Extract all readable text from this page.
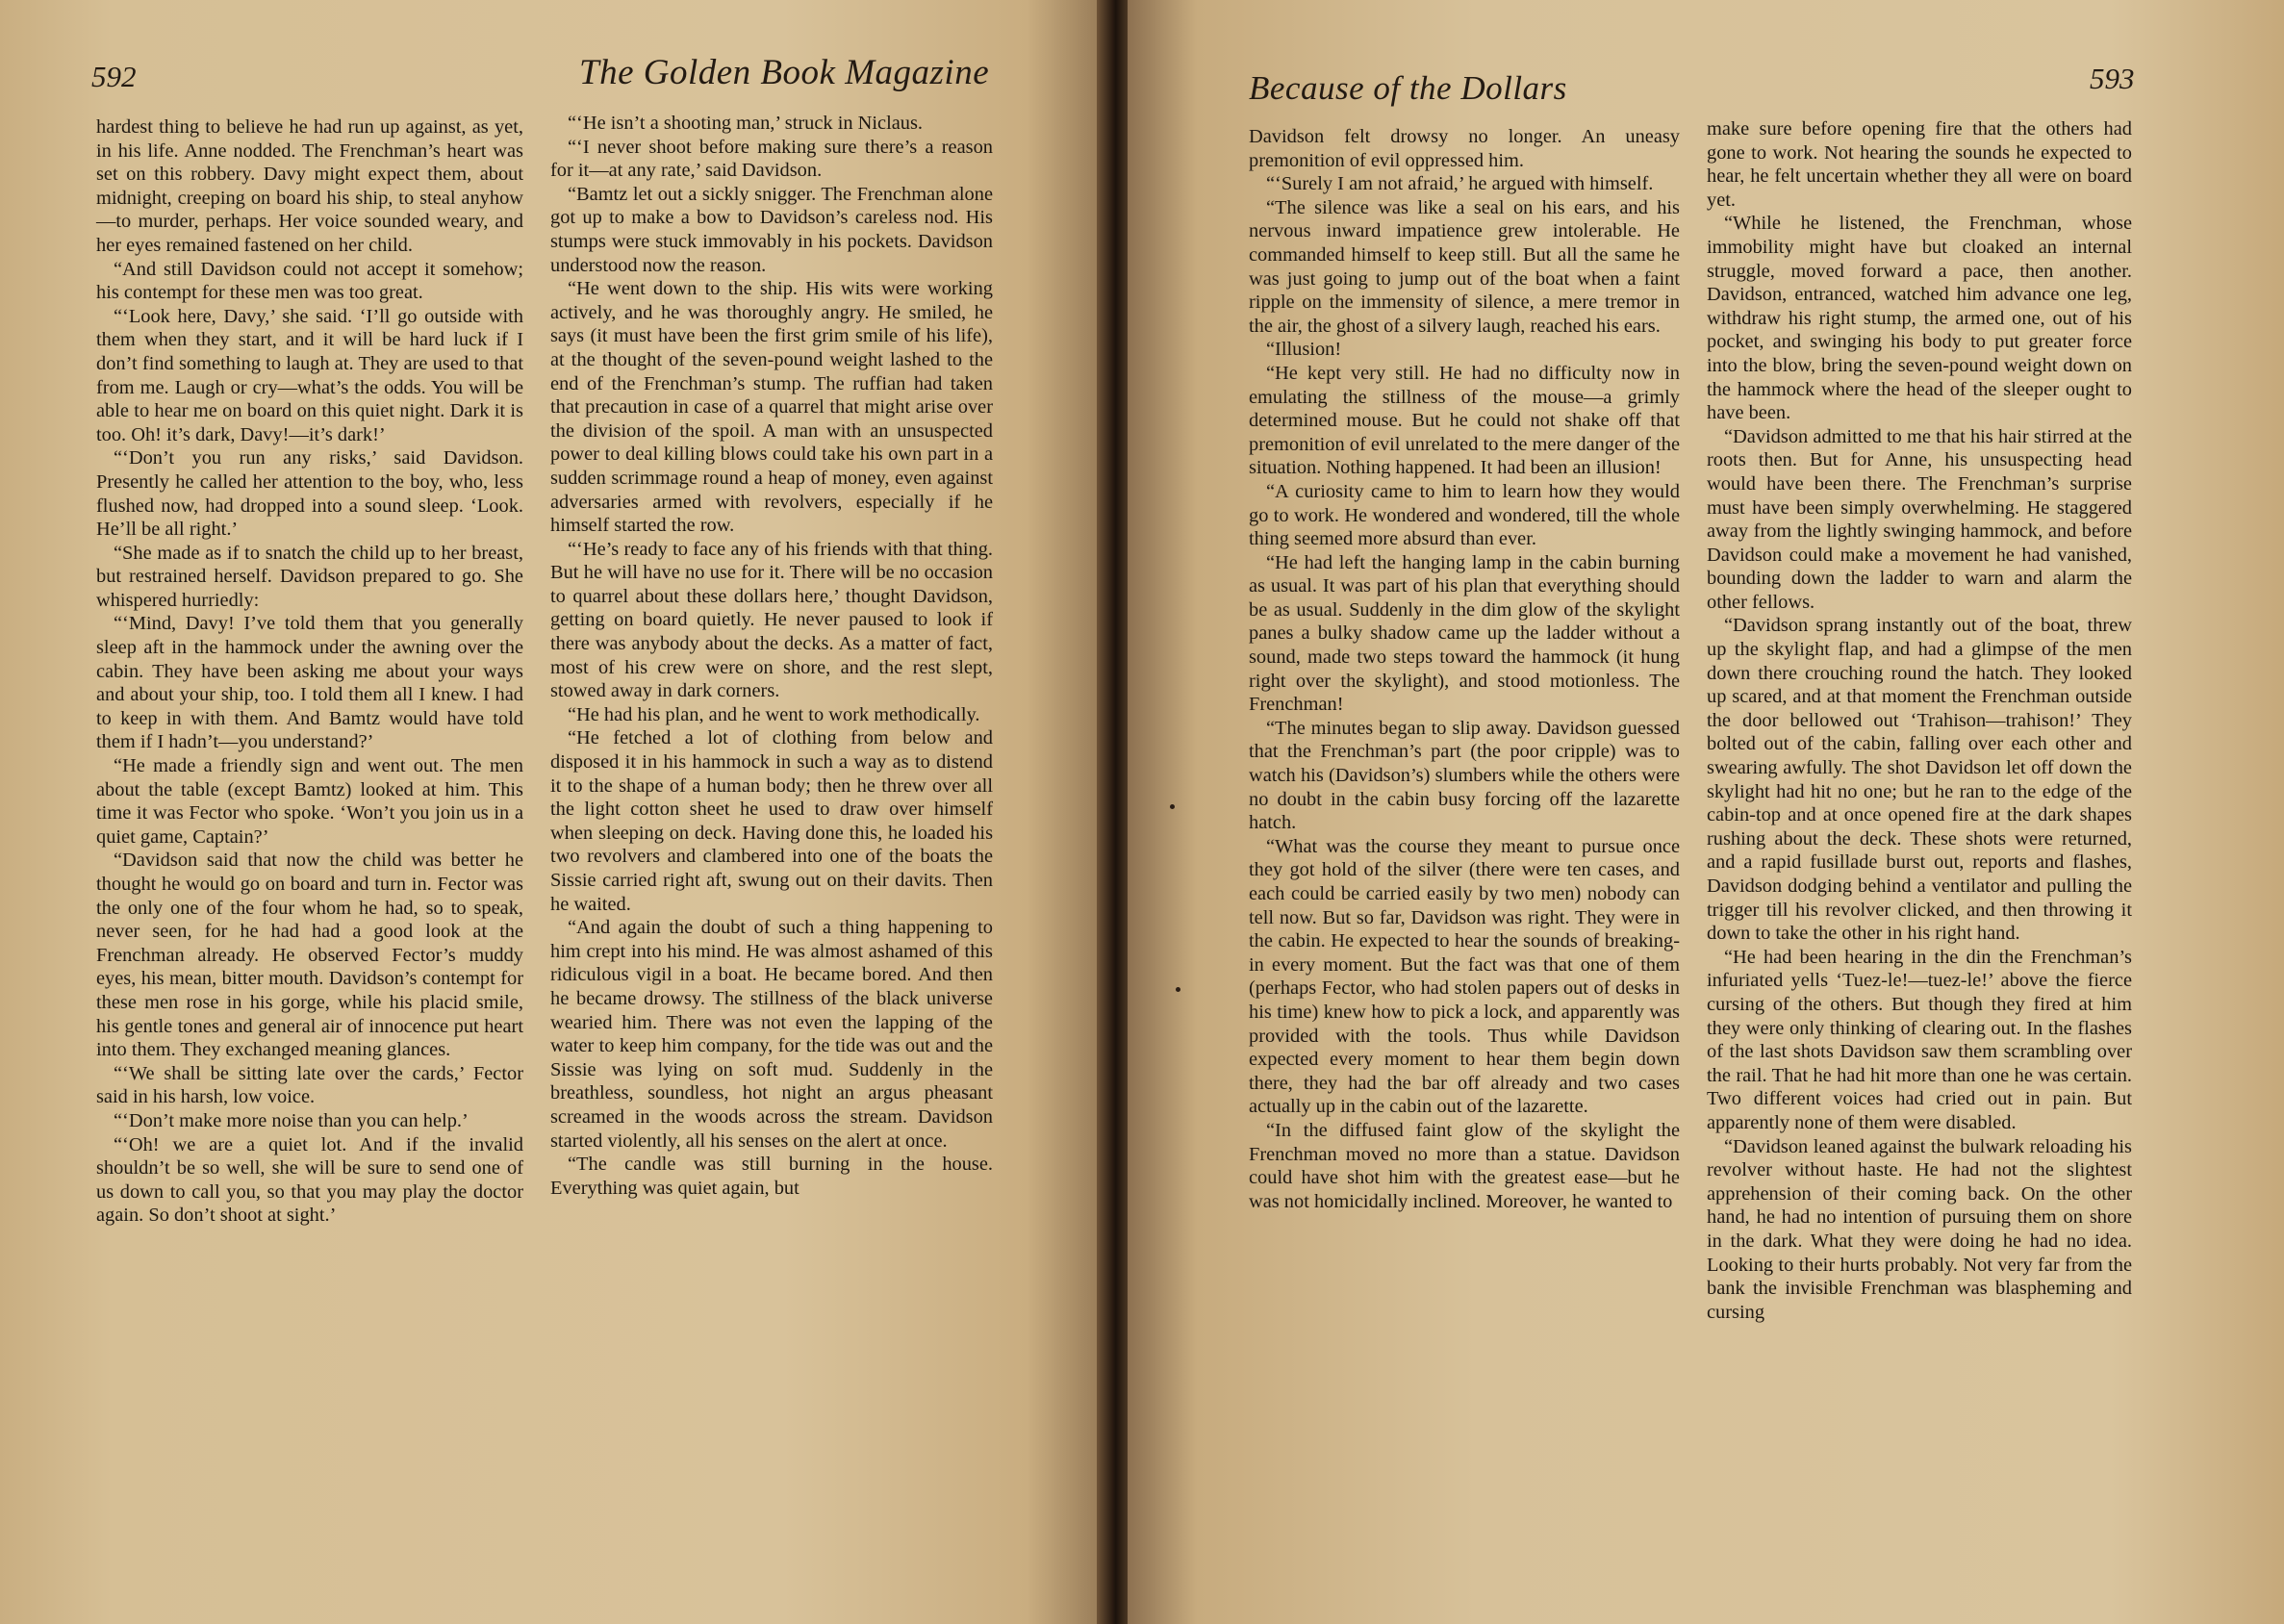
592	The Golden Book Magazine

hardest thing to believe he had run up against, as yet, in his life. Anne nodded. The Frenchman’s heart was set on this robbery. Davy might expect them, about midnight, creeping on board his ship, to steal anyhow—to murder, perhaps. Her voice sounded weary, and her eyes remained fastened on her child.

“And still Davidson could not accept it somehow; his contempt for these men was too great.

“‘Look here, Davy,’ she said. ‘I’ll go outside with them when they start, and it will be hard luck if I don’t find something to laugh at. They are used to that from me. Laugh or cry—what’s the odds. You will be able to hear me on board on this quiet night. Dark it is too. Oh! it’s dark, Davy!—it’s dark!’

“‘Don’t you run any risks,’ said Davidson. Presently he called her attention to the boy, who, less flushed now, had dropped into a sound sleep. ‘Look. He’ll be all right.’

“She made as if to snatch the child up to her breast, but restrained herself. Davidson prepared to go. She whispered hurriedly:

“‘Mind, Davy! I’ve told them that you generally sleep aft in the hammock under the awning over the cabin. They have been asking me about your ways and about your ship, too. I told them all I knew. I had to keep in with them. And Bamtz would have told them if I hadn’t—you understand?’

“He made a friendly sign and went out. The men about the table (except Bamtz) looked at him. This time it was Fector who spoke. ‘Won’t you join us in a quiet game, Captain?’

“Davidson said that now the child was better he thought he would go on board and turn in. Fector was the only one of the four whom he had, so to speak, never seen, for he had had a good look at the Frenchman already. He observed Fector’s muddy eyes, his mean, bitter mouth. Davidson’s contempt for these men rose in his gorge, while his placid smile, his gentle tones and general air of innocence put heart into them. They exchanged meaning glances.

“‘We shall be sitting late over the cards,’ Fector said in his harsh, low voice.

“‘Don’t make more noise than you can help.’

“‘Oh! we are a quiet lot. And if the invalid shouldn’t be so well, she will be sure to send one of us down to call you, so that you may play the doctor again. So don’t shoot at sight.’

“‘He isn’t a shooting man,’ struck in Niclaus.

“‘I never shoot before making sure there’s a reason for it—at any rate,’ said Davidson.

“Bamtz let out a sickly snigger. The Frenchman alone got up to make a bow to Davidson’s careless nod. His stumps were stuck immovably in his pockets. Davidson understood now the reason.

“He went down to the ship. His wits were working actively, and he was thoroughly angry. He smiled, he says (it must have been the first grim smile of his life), at the thought of the seven-pound weight lashed to the end of the Frenchman’s stump. The ruffian had taken that precaution in case of a quarrel that might arise over the division of the spoil. A man with an unsuspected power to deal killing blows could take his own part in a sudden scrimmage round a heap of money, even against adversaries armed with revolvers, especially if he himself started the row.

“‘He’s ready to face any of his friends with that thing. But he will have no use for it. There will be no occasion to quarrel about these dollars here,’ thought Davidson, getting on board quietly. He never paused to look if there was anybody about the decks. As a matter of fact, most of his crew were on shore, and the rest slept, stowed away in dark corners.

“He had his plan, and he went to work methodically.

“He fetched a lot of clothing from below and disposed it in his hammock in such a way as to distend it to the shape of a human body; then he threw over all the light cotton sheet he used to draw over himself when sleeping on deck. Having done this, he loaded his two revolvers and clambered into one of the boats the Sissie carried right aft, swung out on their davits. Then he waited.

“And again the doubt of such a thing happening to him crept into his mind. He was almost ashamed of this ridiculous vigil in a boat. He became bored. And then he became drowsy. The stillness of the black universe wearied him. There was not even the lapping of the water to keep him company, for the tide was out and the Sissie was lying on soft mud. Suddenly in the breathless, soundless, hot night an argus pheasant screamed in the woods across the stream. Davidson started violently, all his senses on the alert at once.

“The candle was still burning in the house. Everything was quiet again, but

Because of the Dollars	593

Davidson felt drowsy no longer. An uneasy premonition of evil oppressed him.

“‘Surely I am not afraid,’ he argued with himself.

“The silence was like a seal on his ears, and his nervous inward impatience grew intolerable. He commanded himself to keep still. But all the same he was just going to jump out of the boat when a faint ripple on the immensity of silence, a mere tremor in the air, the ghost of a silvery laugh, reached his ears.

“Illusion!

“He kept very still. He had no difficulty now in emulating the stillness of the mouse—a grimly determined mouse. But he could not shake off that premonition of evil unrelated to the mere danger of the situation. Nothing happened. It had been an illusion!

“A curiosity came to him to learn how they would go to work. He wondered and wondered, till the whole thing seemed more absurd than ever.

“He had left the hanging lamp in the cabin burning as usual. It was part of his plan that everything should be as usual. Suddenly in the dim glow of the skylight panes a bulky shadow came up the ladder without a sound, made two steps toward the hammock (it hung right over the skylight), and stood motionless. The Frenchman!

“The minutes began to slip away. Davidson guessed that the Frenchman’s part (the poor cripple) was to watch his (Davidson’s) slumbers while the others were no doubt in the cabin busy forcing off the lazarette hatch.

“What was the course they meant to pursue once they got hold of the silver (there were ten cases, and each could be carried easily by two men) nobody can tell now. But so far, Davidson was right. They were in the cabin. He expected to hear the sounds of breaking-in every moment. But the fact was that one of them (perhaps Fector, who had stolen papers out of desks in his time) knew how to pick a lock, and apparently was provided with the tools. Thus while Davidson expected every moment to hear them begin down there, they had the bar off already and two cases actually up in the cabin out of the lazarette.

“In the diffused faint glow of the skylight the Frenchman moved no more than a statue. Davidson could have shot him with the greatest ease—but he was not homicidally inclined. Moreover, he wanted to

make sure before opening fire that the others had gone to work. Not hearing the sounds he expected to hear, he felt uncertain whether they all were on board yet.

“While he listened, the Frenchman, whose immobility might have but cloaked an internal struggle, moved forward a pace, then another. Davidson, entranced, watched him advance one leg, withdraw his right stump, the armed one, out of his pocket, and swinging his body to put greater force into the blow, bring the seven-pound weight down on the hammock where the head of the sleeper ought to have been.

“Davidson admitted to me that his hair stirred at the roots then. But for Anne, his unsuspecting head would have been there. The Frenchman’s surprise must have been simply overwhelming. He staggered away from the lightly swinging hammock, and before Davidson could make a movement he had vanished, bounding down the ladder to warn and alarm the other fellows.

“Davidson sprang instantly out of the boat, threw up the skylight flap, and had a glimpse of the men down there crouching round the hatch. They looked up scared, and at that moment the Frenchman outside the door bellowed out ‘Trahison—trahison!’ They bolted out of the cabin, falling over each other and swearing awfully. The shot Davidson let off down the skylight had hit no one; but he ran to the edge of the cabin-top and at once opened fire at the dark shapes rushing about the deck. These shots were returned, and a rapid fusillade burst out, reports and flashes, Davidson dodging behind a ventilator and pulling the trigger till his revolver clicked, and then throwing it down to take the other in his right hand.

“He had been hearing in the din the Frenchman’s infuriated yells ‘Tuez-le!—tuez-le!’ above the fierce cursing of the others. But though they fired at him they were only thinking of clearing out. In the flashes of the last shots Davidson saw them scrambling over the rail. That he had hit more than one he was certain. Two different voices had cried out in pain. But apparently none of them were disabled.

“Davidson leaned against the bulwark reloading his revolver without haste. He had not the slightest apprehension of their coming back. On the other hand, he had no intention of pursuing them on shore in the dark. What they were doing he had no idea. Looking to their hurts probably. Not very far from the bank the invisible Frenchman was blaspheming and cursing
